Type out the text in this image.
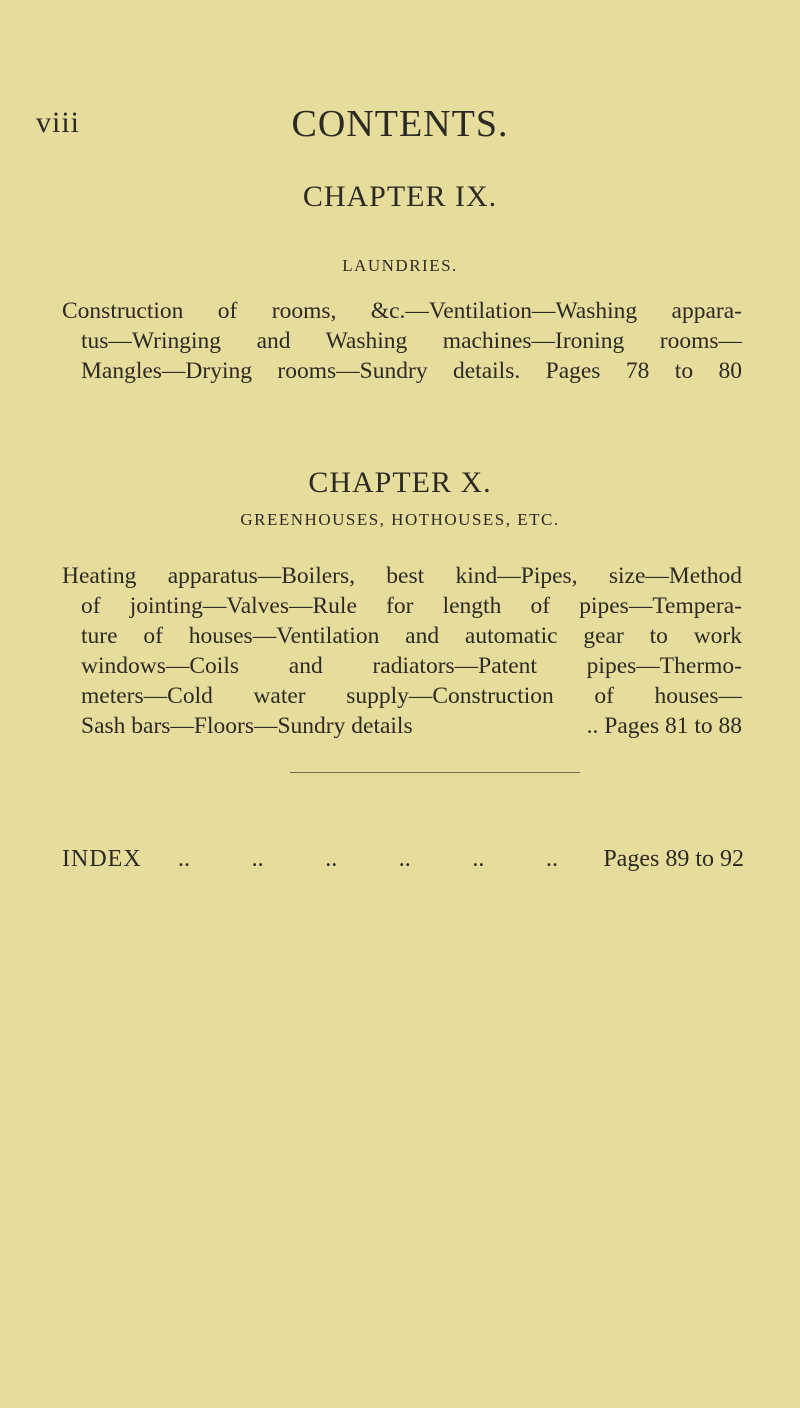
viii	CONTENTS.
CHAPTER IX.
LAUNDRIES.

Construction of rooms, &c.—Ventilation—Washing appara-
tus—Wringing and Washing machines—Ironing rooms—
Mangles—Drying rooms—Sundry details. Pages 78 to 80

CHAPTER X.
GREENHOUSES, HOTHOUSES, ETC.

Heating apparatus—Boilers, best kind—Pipes, size—Method
of jointing—Valves—Rule for length of pipes—Tempera-
ture of houses—Ventilation and automatic gear to work
windows—Coils and radiators—Patent pipes—Thermo-
meters—Cold water supply—Construction of houses—
Sash bars—Floors—Sundry details	.. Pages 81 to 88

INDEX .. .. .. .. .. .. Pages 89 to 92
